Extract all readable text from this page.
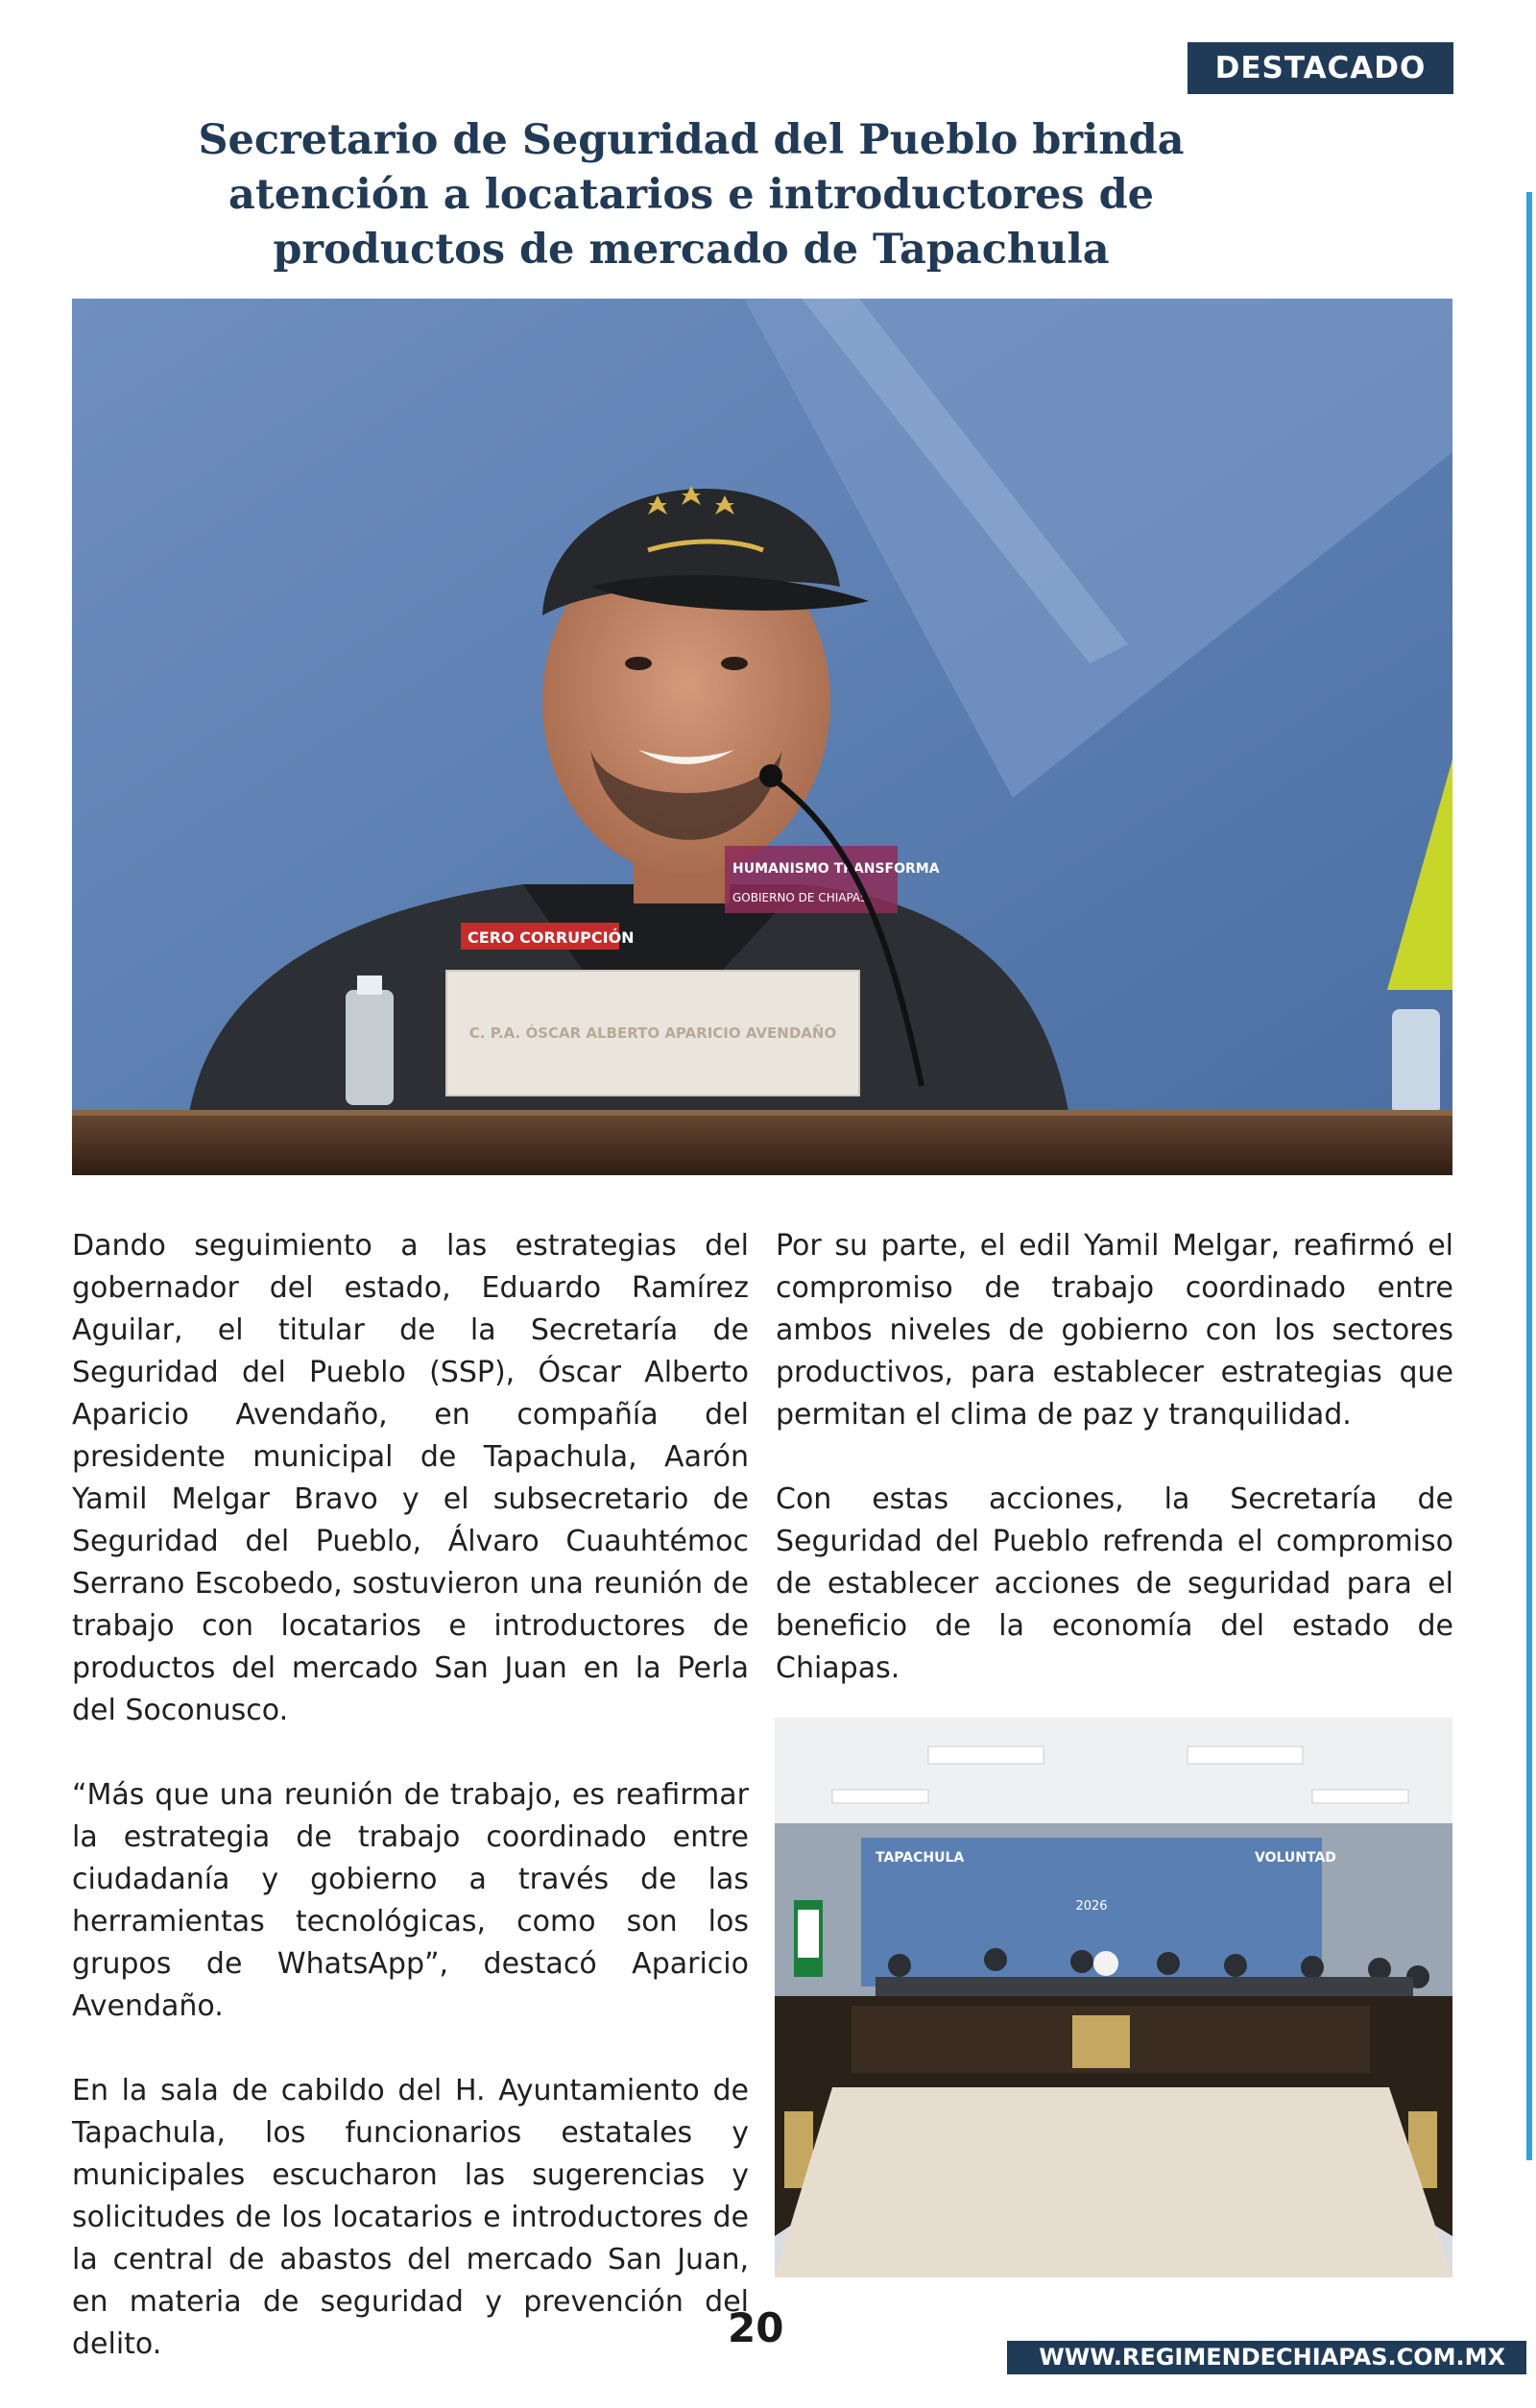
DESTACADO
Secretario de Seguridad del Pueblo brinda atención a locatarios e introductores de productos de mercado de Tapachula
CERO CORRUPCIÓN
HUMANISMO TRANSFORMA
GOBIERNO DE CHIAPAS
C. P.A. ÓSCAR ALBERTO APARICIO AVENDAÑO

Dando seguimiento a las estrategias del gobernador del estado, Eduardo Ramírez Aguilar, el titular de la Secretaría de Seguridad del Pueblo (SSP), Óscar Alberto Aparicio Avendaño, en compañía del presidente municipal de Tapachula, Aarón Yamil Melgar Bravo y el subsecretario de Seguridad del Pueblo, Álvaro Cuauhtémoc Serrano Escobedo, sostuvieron una reunión de trabajo con locatarios e introductores de productos del mercado San Juan en la Perla del Soconusco.

“Más que una reunión de trabajo, es reafirmar la estrategia de trabajo coordinado entre ciudadanía y gobierno a través de las herramientas tecnológicas, como son los grupos de WhatsApp”, destacó Aparicio Avendaño.

En la sala de cabildo del H. Ayuntamiento de Tapachula, los funcionarios estatales y municipales escucharon las sugerencias y solicitudes de los locatarios e introductores de la central de abastos del mercado San Juan, en materia de seguridad y prevención del delito.

Por su parte, el edil Yamil Melgar, reafirmó el compromiso de trabajo coordinado entre ambos niveles de gobierno con los sectores productivos, para establecer estrategias que permitan el clima de paz y tranquilidad.

Con estas acciones, la Secretaría de Seguridad del Pueblo refrenda el compromiso de establecer acciones de seguridad para el beneficio de la economía del estado de Chiapas.

TAPACHULA	VOLUNTAD
2026
20
WWW.REGIMENDECHIAPAS.COM.MX
